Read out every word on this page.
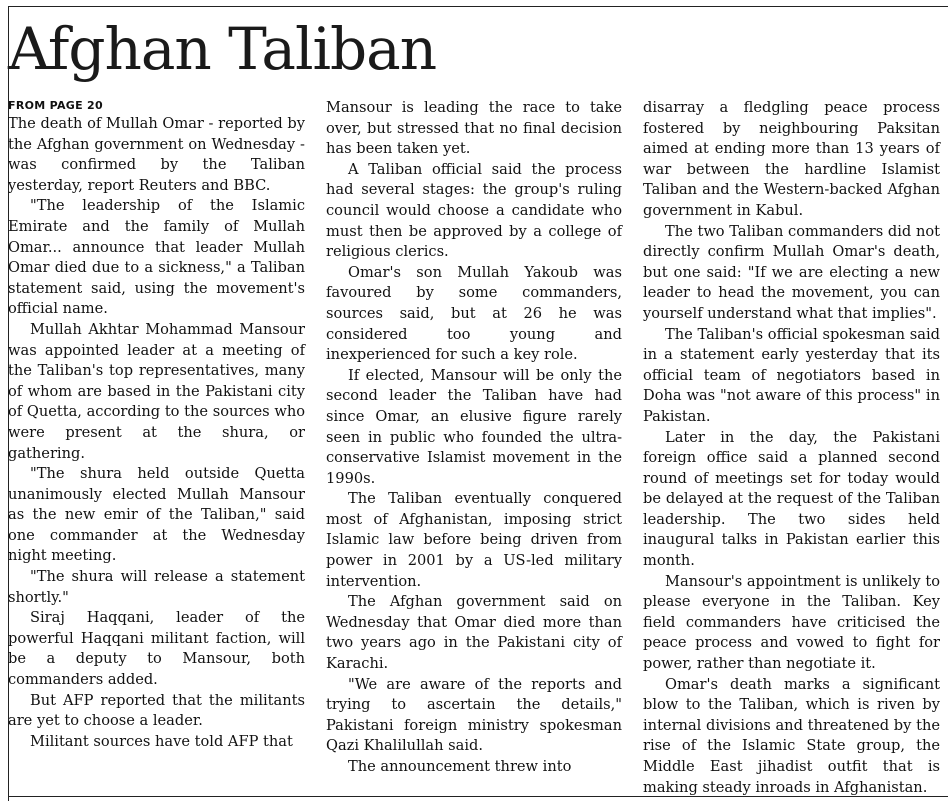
Afghan Taliban
FROM PAGE 20

The death of Mullah Omar - reported by the Afghan government on Wednesday - was confirmed by the Taliban yesterday, report Reuters and BBC.

"The leadership of the Islamic Emirate and the family of Mullah Omar... announce that leader Mullah Omar died due to a sickness," a Taliban statement said, using the movement's official name.

Mullah Akhtar Mohammad Mansour was appointed leader at a meeting of the Taliban's top representatives, many of whom are based in the Pakistani city of Quetta, according to the sources who were present at the shura, or gathering.

"The shura held outside Quetta unanimously elected Mullah Mansour as the new emir of the Taliban," said one commander at the Wednesday night meeting.

"The shura will release a statement shortly."

Siraj Haqqani, leader of the powerful Haqqani militant faction, will be a deputy to Mansour, both commanders added.

But AFP reported that the militants are yet to choose a leader.

Militant sources have told AFP that

Mansour is leading the race to take over, but stressed that no final decision has been taken yet.

A Taliban official said the process had several stages: the group's ruling council would choose a candidate who must then be approved by a college of religious clerics.

Omar's son Mullah Yakoub was favoured by some commanders, sources said, but at 26 he was considered too young and inexperienced for such a key role.

If elected, Mansour will be only the second leader the Taliban have had since Omar, an elusive figure rarely seen in public who founded the ultra-conservative Islamist movement in the 1990s.

The Taliban eventually conquered most of Afghanistan, imposing strict Islamic law before being driven from power in 2001 by a US-led military intervention.

The Afghan government said on Wednesday that Omar died more than two years ago in the Pakistani city of Karachi.

"We are aware of the reports and trying to ascertain the details," Pakistani foreign ministry spokesman Qazi Khalilullah said.

The announcement threw into

disarray a fledgling peace process fostered by neighbouring Paksitan aimed at ending more than 13 years of war between the hardline Islamist Taliban and the Western-backed Afghan government in Kabul.

The two Taliban commanders did not directly confirm Mullah Omar's death, but one said: "If we are electing a new leader to head the movement, you can yourself understand what that implies".

The Taliban's official spokesman said in a statement early yesterday that its official team of negotiators based in Doha was "not aware of this process" in Pakistan.

Later in the day, the Pakistani foreign office said a planned second round of meetings set for today would be delayed at the request of the Taliban leadership. The two sides held inaugural talks in Pakistan earlier this month.

Mansour's appointment is unlikely to please everyone in the Taliban. Key field commanders have criticised the peace process and vowed to fight for power, rather than negotiate it.

Omar's death marks a significant blow to the Taliban, which is riven by internal divisions and threatened by the rise of the Islamic State group, the Middle East jihadist outfit that is making steady inroads in Afghanistan.
